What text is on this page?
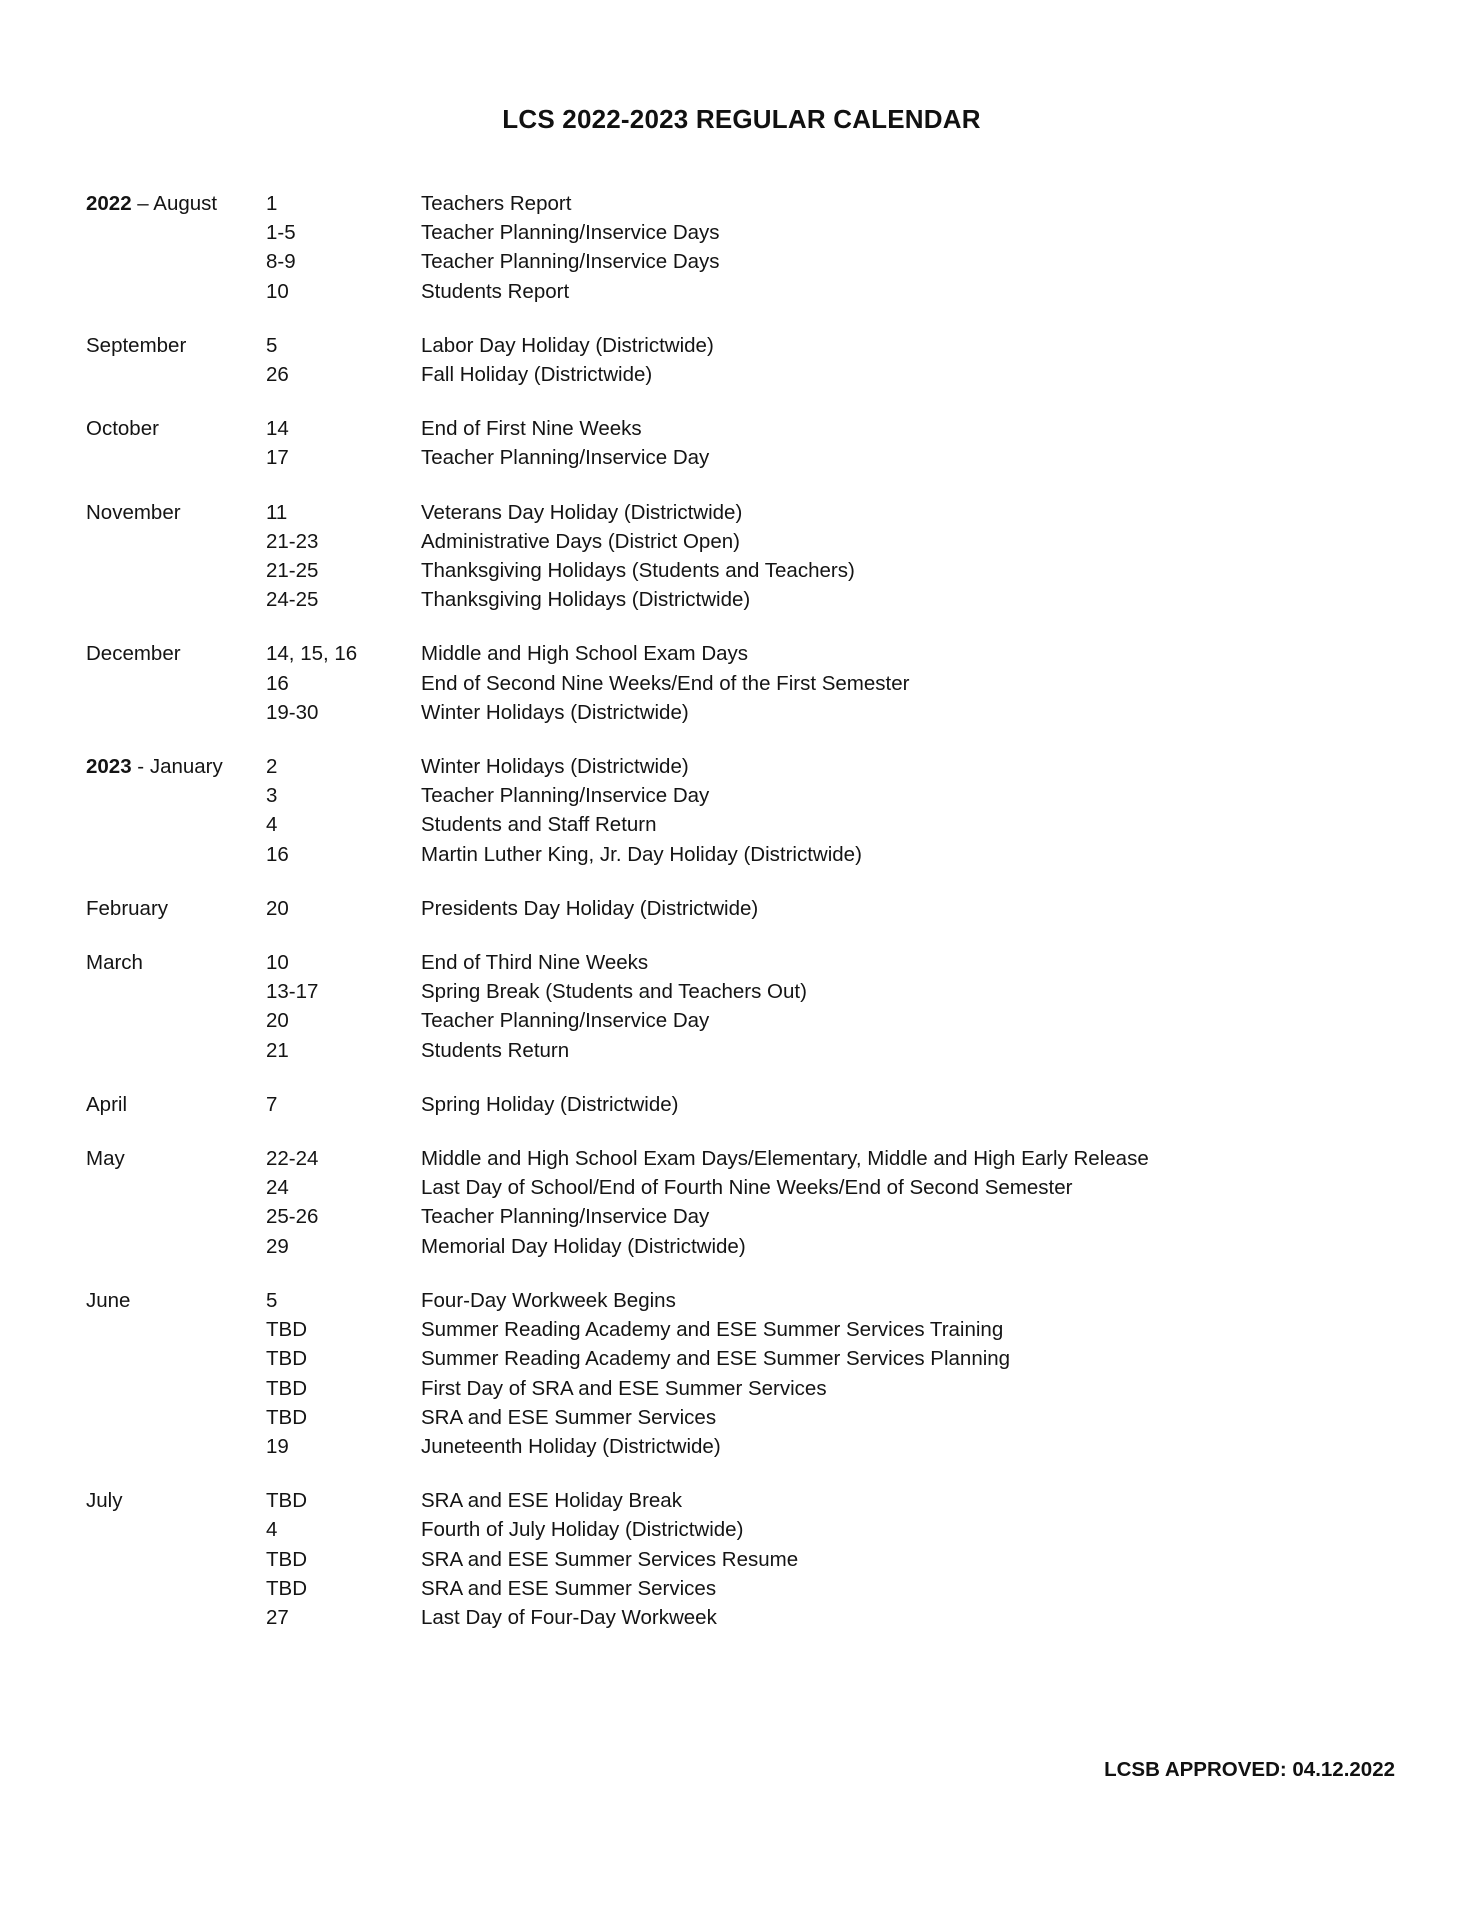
LCS 2022-2023 REGULAR CALENDAR
2022 – August	1	Teachers Report
1-5	Teacher Planning/Inservice Days
8-9	Teacher Planning/Inservice Days
10	Students Report
September	5	Labor Day Holiday (Districtwide)
26	Fall Holiday (Districtwide)
October	14	End of First Nine Weeks
17	Teacher Planning/Inservice Day
November	11	Veterans Day Holiday (Districtwide)
21-23	Administrative Days (District Open)
21-25	Thanksgiving Holidays (Students and Teachers)
24-25	Thanksgiving Holidays (Districtwide)
December	14, 15, 16	Middle and High School Exam Days
16	End of Second Nine Weeks/End of the First Semester
19-30	Winter Holidays (Districtwide)
2023 - January	2	Winter Holidays (Districtwide)
3	Teacher Planning/Inservice Day
4	Students and Staff Return
16	Martin Luther King, Jr. Day Holiday (Districtwide)
February	20	Presidents Day Holiday (Districtwide)
March	10	End of Third Nine Weeks
13-17	Spring Break (Students and Teachers Out)
20	Teacher Planning/Inservice Day
21	Students Return
April	7	Spring Holiday (Districtwide)
May	22-24	Middle and High School Exam Days/Elementary, Middle and High Early Release
24	Last Day of School/End of Fourth Nine Weeks/End of Second Semester
25-26	Teacher Planning/Inservice Day
29	Memorial Day Holiday (Districtwide)
June	5	Four-Day Workweek Begins
TBD	Summer Reading Academy and ESE Summer Services Training
TBD	Summer Reading Academy and ESE Summer Services Planning
TBD	First Day of SRA and ESE Summer Services
TBD	SRA and ESE Summer Services
19	Juneteenth Holiday (Districtwide)
July	TBD	SRA and ESE Holiday Break
4	Fourth of July Holiday (Districtwide)
TBD	SRA and ESE Summer Services Resume
TBD	SRA and ESE Summer Services
27	Last Day of Four-Day Workweek
LCSB APPROVED: 04.12.2022
